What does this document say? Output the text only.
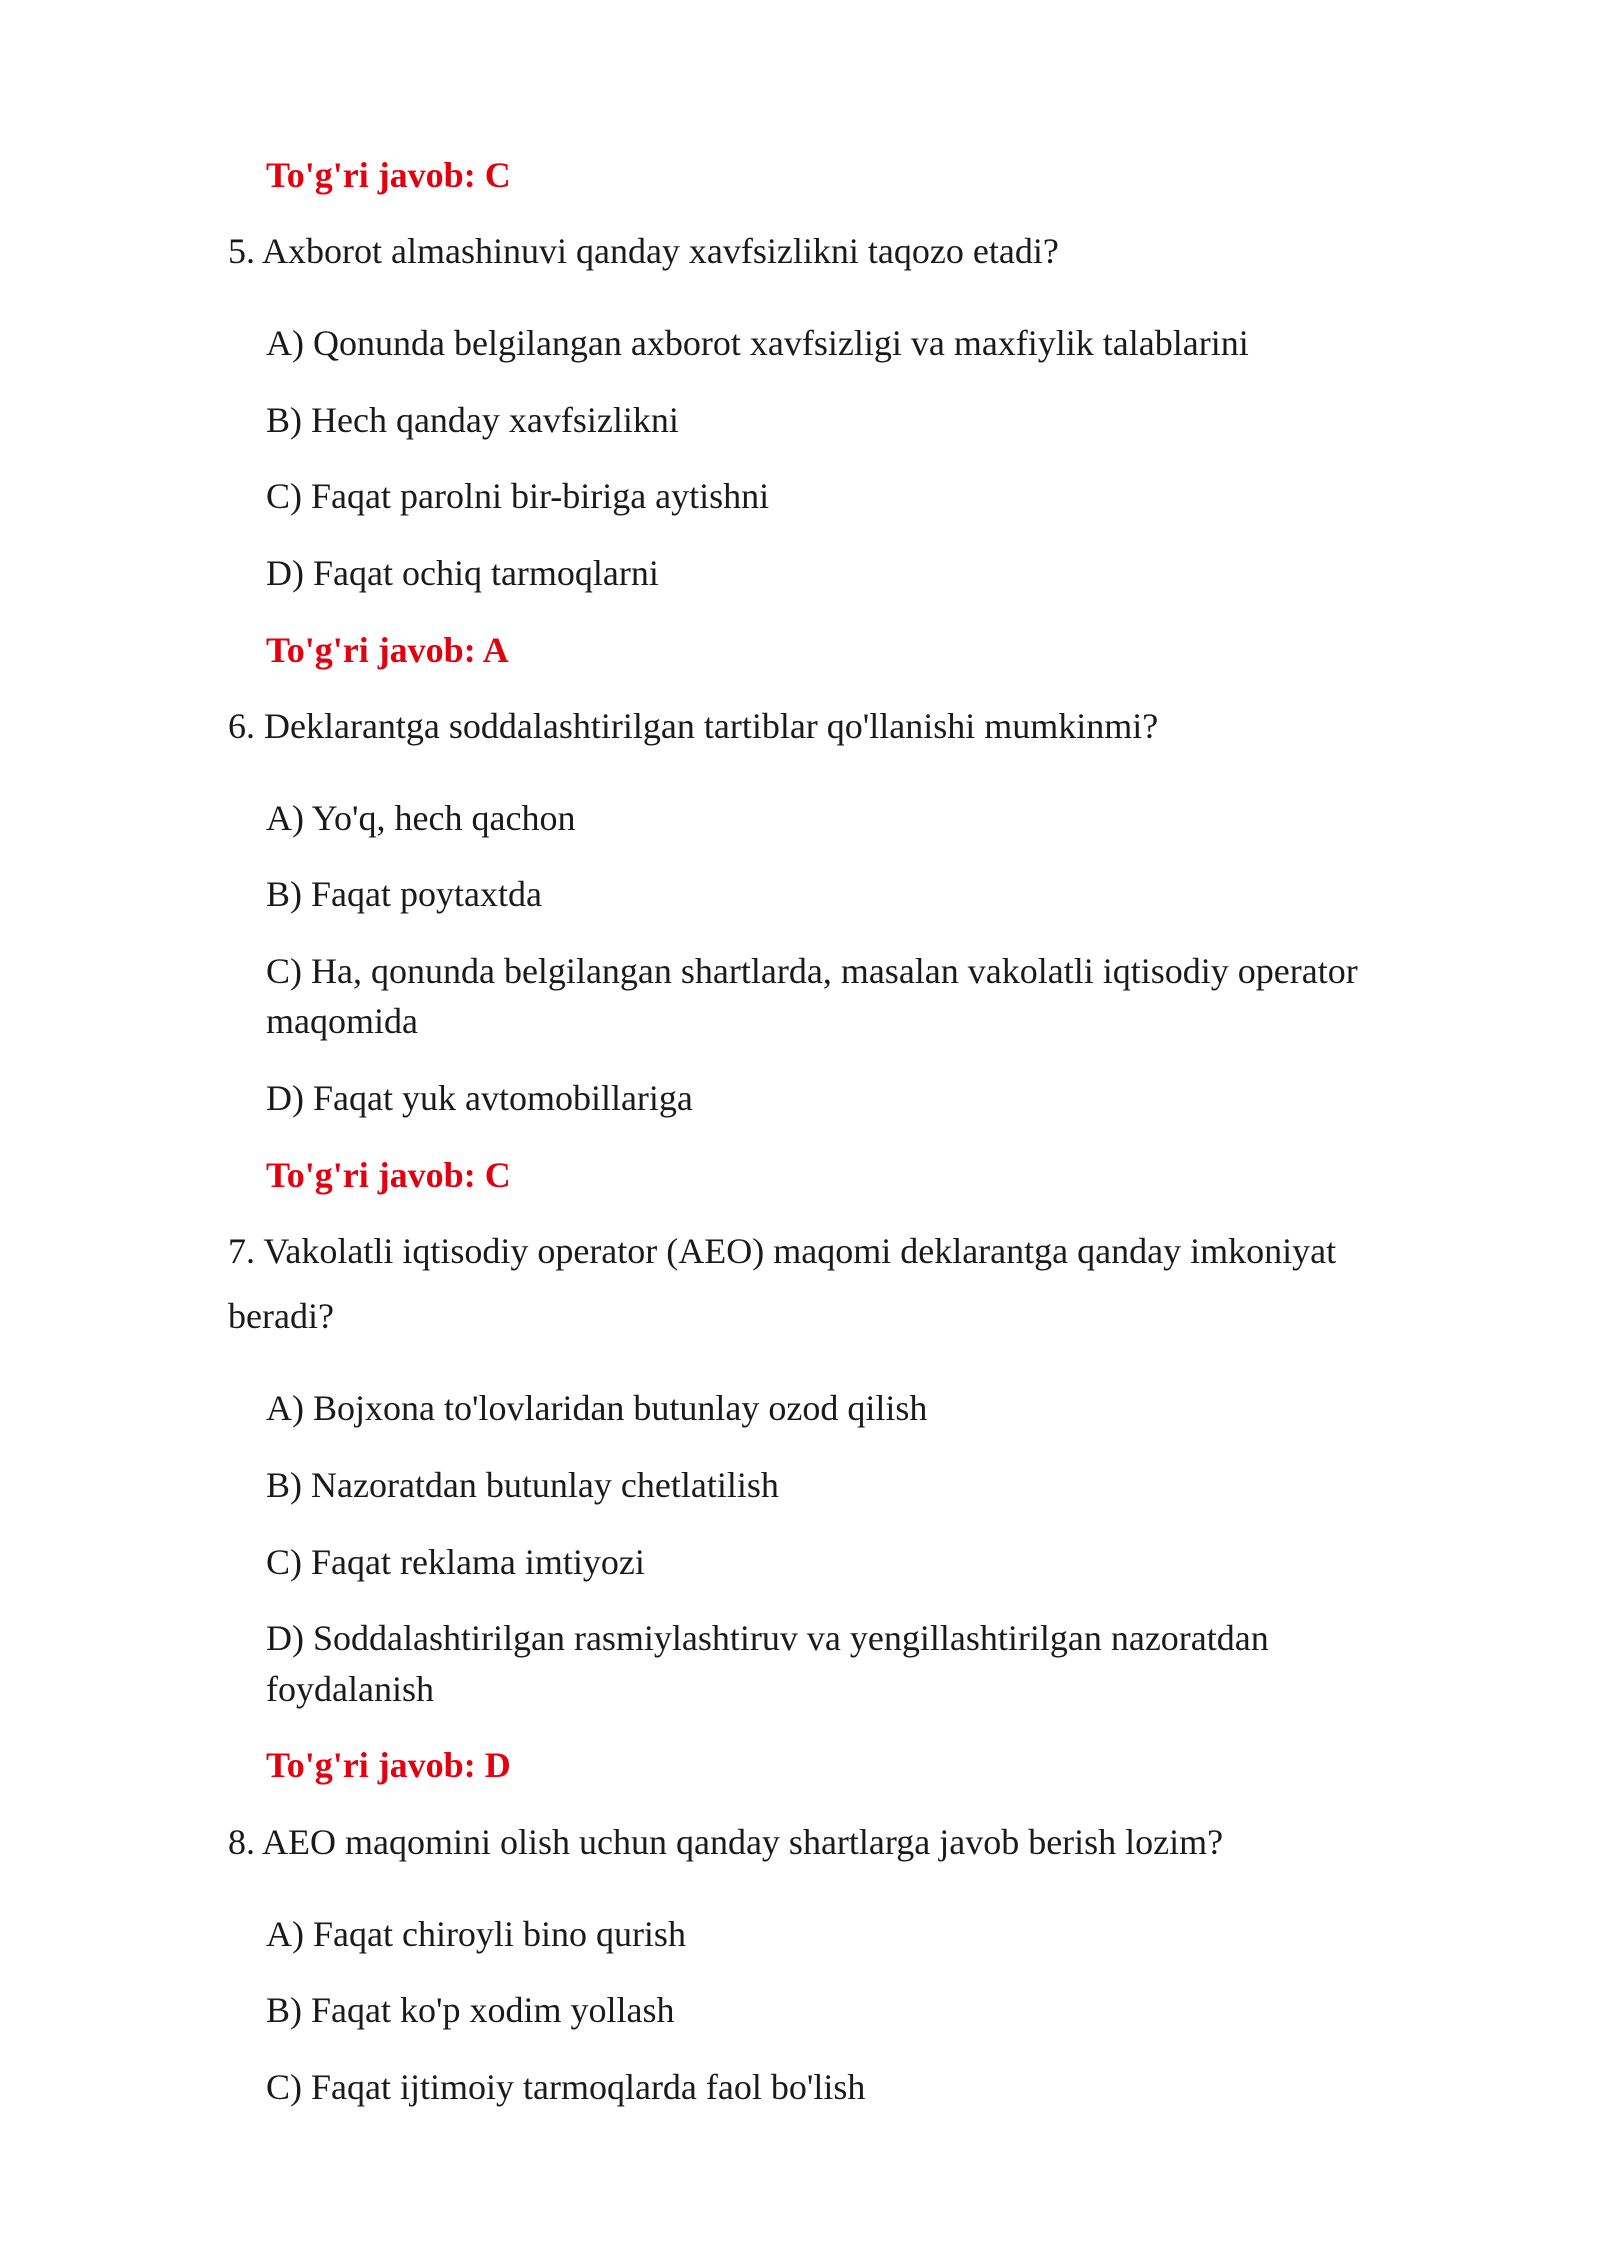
To'g'ri javob: C
5. Axborot almashinuvi qanday xavfsizlikni taqozo etadi?
A) Qonunda belgilangan axborot xavfsizligi va maxfiylik talablarini
B) Hech qanday xavfsizlikni
C) Faqat parolni bir-biriga aytishni
D) Faqat ochiq tarmoqlarni
To'g'ri javob: A
6. Deklarantga soddalashtirilgan tartiblar qo'llanishi mumkinmi?
A) Yo'q, hech qachon
B) Faqat poytaxtda
C) Ha, qonunda belgilangan shartlarda, masalan vakolatli iqtisodiy operator
maqomida
D) Faqat yuk avtomobillariga
To'g'ri javob: C
7. Vakolatli iqtisodiy operator (AEO) maqomi deklarantga qanday imkoniyat
beradi?
A) Bojxona to'lovlaridan butunlay ozod qilish
B) Nazoratdan butunlay chetlatilish
C) Faqat reklama imtiyozi
D) Soddalashtirilgan rasmiylashtiruv va yengillashtirilgan nazoratdan
foydalanish
To'g'ri javob: D
8. AEO maqomini olish uchun qanday shartlarga javob berish lozim?
A) Faqat chiroyli bino qurish
B) Faqat ko'p xodim yollash
C) Faqat ijtimoiy tarmoqlarda faol bo'lish
